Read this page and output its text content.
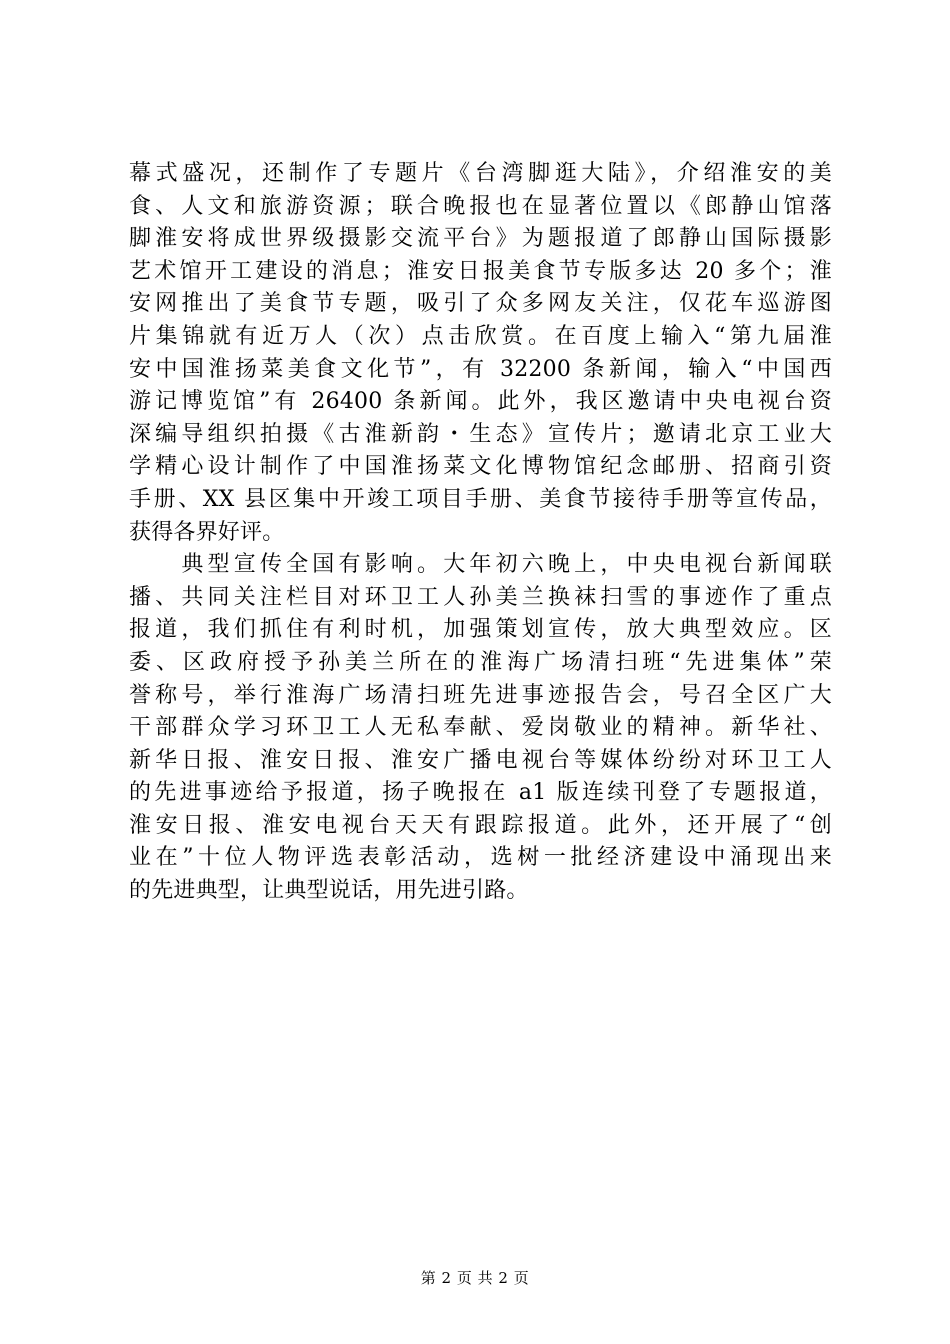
幕式盛况，还制作了专题片《台湾脚逛大陆》，介绍淮安的美
食、人文和旅游资源；联合晚报也在显著位置以《郎静山馆落
脚淮安将成世界级摄影交流平台》为题报道了郎静山国际摄影
艺术馆开工建设的消息；淮安日报美食节专版多达 20 多个；淮
安网推出了美食节专题，吸引了众多网友关注，仅花车巡游图
片集锦就有近万人（次）点击欣赏。在百度上输入“第九届淮
安中国淮扬菜美食文化节”，有 32200 条新闻，输入“中国西
游记博览馆”有 26400 条新闻。此外，我区邀请中央电视台资
深编导组织拍摄《古淮新韵・生态》宣传片；邀请北京工业大
学精心设计制作了中国淮扬菜文化博物馆纪念邮册、招商引资
手册、XX 县区集中开竣工项目手册、美食节接待手册等宣传品，
获得各界好评。
　　典型宣传全国有影响。大年初六晚上，中央电视台新闻联
播、共同关注栏目对环卫工人孙美兰换袜扫雪的事迹作了重点
报道，我们抓住有利时机，加强策划宣传，放大典型效应。区
委、区政府授予孙美兰所在的淮海广场清扫班“先进集体”荣
誉称号，举行淮海广场清扫班先进事迹报告会，号召全区广大
干部群众学习环卫工人无私奉献、爱岗敬业的精神。新华社、
新华日报、淮安日报、淮安广播电视台等媒体纷纷对环卫工人
的先进事迹给予报道，扬子晚报在 a1 版连续刊登了专题报道，
淮安日报、淮安电视台天天有跟踪报道。此外，还开展了“创
业在”十位人物评选表彰活动，选树一批经济建设中涌现出来
的先进典型，让典型说话，用先进引路。
第 2 页 共 2 页
